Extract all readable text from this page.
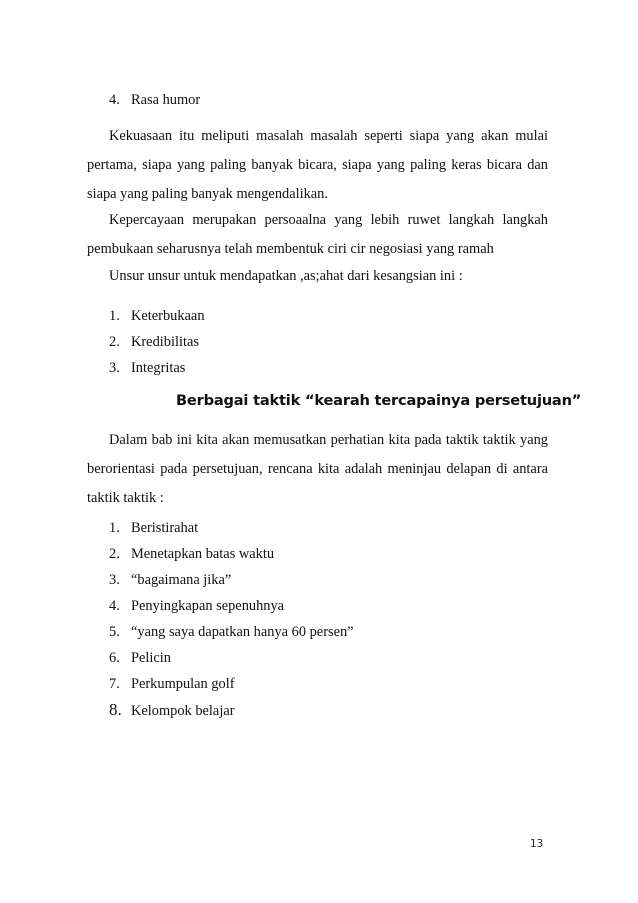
4. Rasa humor
Kekuasaan itu meliputi masalah masalah seperti siapa yang akan mulai pertama, siapa yang paling banyak bicara, siapa yang paling keras bicara dan siapa yang paling banyak mengendalikan.
Kepercayaan merupakan persoaalna yang lebih ruwet langkah langkah pembukaan seharusnya telah membentuk ciri cir negosiasi yang ramah
Unsur unsur untuk mendapatkan ,as;ahat dari kesangsian ini :
1. Keterbukaan
2. Kredibilitas
3. Integritas
Berbagai taktik “kearah tercapainya persetujuan”
Dalam bab ini kita akan memusatkan perhatian kita pada taktik taktik yang berorientasi pada persetujuan, rencana kita adalah meninjau delapan di antara taktik taktik :
1. Beristirahat
2. Menetapkan batas waktu
3. “bagaimana jika”
4. Penyingkapan sepenuhnya
5. “yang saya dapatkan hanya 60 persen”
6. Pelicin
7. Perkumpulan golf
8. Kelompok belajar
13
